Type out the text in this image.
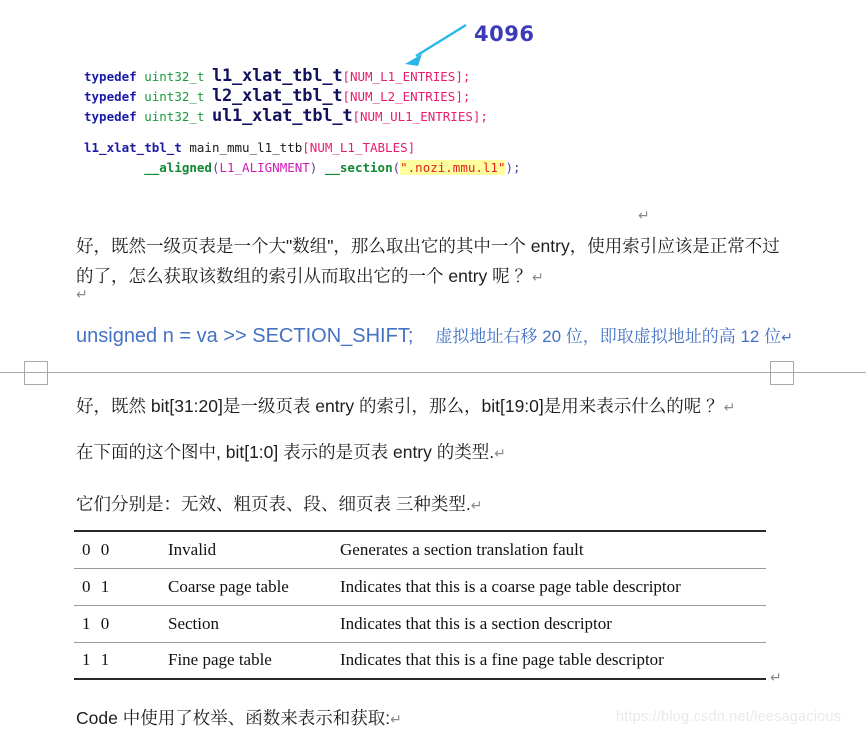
4096
typedef uint32_t l1_xlat_tbl_t[NUM_L1_ENTRIES];
typedef uint32_t l2_xlat_tbl_t[NUM_L2_ENTRIES];
typedef uint32_t ul1_xlat_tbl_t[NUM_UL1_ENTRIES];
l1_xlat_tbl_t main_mmu_l1_ttb[NUM_L1_TABLES]
__aligned(L1_ALIGNMENT) __section(".nozi.mmu.l1");
↵
好，既然一级页表是一个大"数组"，那么取出它的其中一个 entry，使用索引应该是正常不过
的了，怎么获取该数组的索引从而取出它的一个 entry 呢 ？↵
↵
unsigned n = va >> SECTION_SHIFT; 虚拟地址右移 20 位，即取虚拟地址的高 12 位↵
好，既然 bit[31:20]是一级页表 entry 的索引，那么，bit[19:0]是用来表示什么的呢 ？↵
在下面的这个图中, bit[1:0] 表示的是页表 entry 的类型.↵
它们分别是：无效、粗页表、段、细页表 三种类型.↵
0 0	Invalid	Generates a section translation fault
0 1	Coarse page table	Indicates that this is a coarse page table descriptor
1 0	Section	Indicates that this is a section descriptor
1 1	Fine page table	Indicates that this is a fine page table descriptor
↵
Code 中使用了枚举、函数来表示和获取:↵	https://blog.csdn.net/leesagacious
